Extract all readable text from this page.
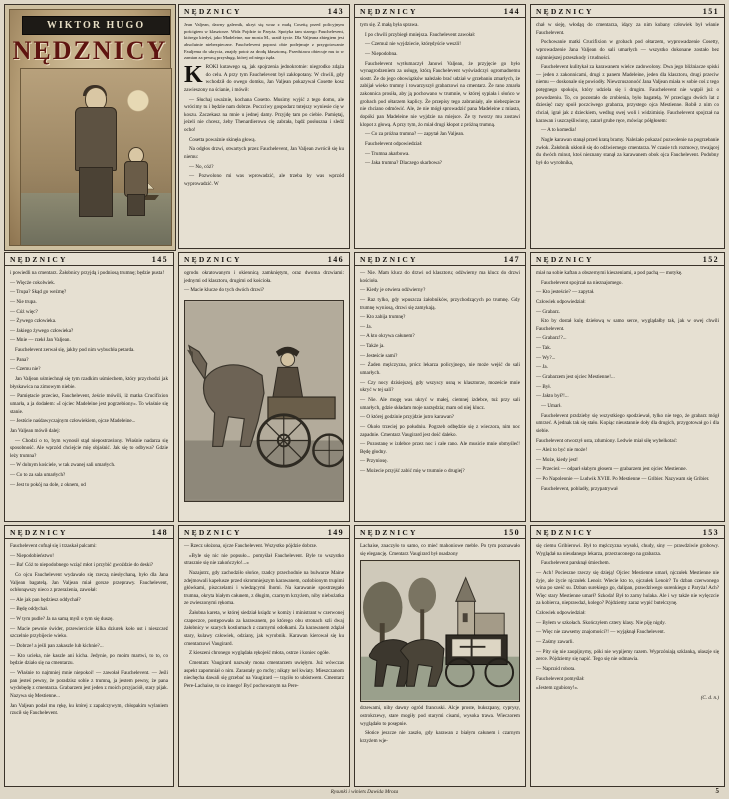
WIKTOR HUGO
NĘDZNICY
NĘDZNICY	143

Jean Valjean, dawny galernik, ukryt się wraz z małą Cosettą przed policyjnym pościgiem w klasztorze. Widz Pojdzie to Paryża. Spotyka tam starego Fauchelevent, którego kiedyś, jako Madeleine, nar mosta M., uratił życie. Dla Valjeana zbiegiem jest absolutnie niebezpieczne. Fauchelevent poprost obie podejmuje z przygotowanie Fauljema do ukrycia, znajdy potoż za drodę kłasztorną. Przedstawa obiecuje mu to w zamian za pewną przysługę, której od niego żąda.

K ROKI kutawego są, jak spojrzenia jednokrotnie: niegrodko zdąża do celu. A przy tym Fauchelevent był zakłopotany. W chwili, gdy wchodził do owego domku, Jan Valjean pokazywał Cosette kosz zawieszony na ścianie, i mówił:

— Słuchaj uważnie, kochana Cosetto. Musimy wyjść z tego domu, ale wrócimy tu i będzie nam dobrze. Poczciwy gospodarz tutejszy wyniesie cię w koszu. Zaczekasz na mnie u jednej damy. Przyjdę tam po ciebie. Pamiętaj, jeżeli nie chcesz, żeby Thenardierowa cię zabrała, bądź posłuszna i sledź ocho!

Cosetta poważnie skinęła głową.

Na odgłos drzwi, otwartych przez Fauchelevent, Jan Valjean zwrócił się ku niemu:

— No, cóż?

— Pozwolono mi was wprowadzić, ale trzeba by was wprzód wyprowadzić. W

NĘDZNICY	144

tym się. Z małą była sprawa.

I po chwili przybiegł mniejsza. Fauchelevent zawołał:

— Czemuż nie wyjdziecie, którędyście weszli!

— Niepodobna.

Fauchelevent wytłumaczył Janowi Valjean, że przyjęcie go było wynagrodzeniem za usługę, którą Fauchelevent wyświadczyi ogromadnemu siostr. Że do jego obowiązków należało brać udział w grzebaniu zmarłych, że zabijał wieko trumny i towarzyszył grabarzowi na cmentarz. Że rano zmarła zakonnica prosiła, aby ją pochowano w trumnie, w której sypiała i słońco w grobach pod ołtarzem kaplicy. Że przepisy tego zabraniały, ale niebezpiecze nie chciano odmówić. Ale, że nie mógł sprowadzić pana Madeleine z miasta, dopóki pan Madeleine nie wyjdzie na miejsce. Że ty tworzy mu zostawi klopot z głową. A przy tym, żo miał drugi kłopot z próżną trumną.

— Co za próżna trumna? — zapytał Jan Valjean.

Fauchelevent odpowiedział:

— Trumna akarbowa.

— Jaka trumna? Dlaczego skarbowa?

NĘDZNICY	151

chał w sieję, włodąq do cmentarza, idący za nim kubany człowiek był włanie Fauchelevent.

Pochowanie matki Crucifixion w grobach pod ołtarzem, wyprowadzenie Cosetty, wprowadzenie Jana Valjean do sali umarłych — wszystko dokonane zostało bez najmniejszej przeszkody i trudności.

Fauchelevent kulitykał za karawanem wielce zadowolony. Dwa jego bliźniacze spiski — jeden z zakonnicami, drugi z panem Madeleine, jeden dla klasztoru, drugi przeciw niemu — doskonale się powiodły. Niewzruszonoóć Jana Valjean miała w sobie coś z tego potęgnego spokoju, który udziela się i drugim. Fauchelevent nie wątpił już o powodzeniu. To, co pozostało do zrobienia, było bagatelą. W przeciągu dwóch lat z dziesięć razy spoił poczciwego grabarza, przystego ojca Mestienne. Robił z nim co chciał, igrał jak z dzieckiem, wedlug swej woli i widzimisię. Fauchelevent spojrzał na karawan i uszczęśliwiony, zatarł grube ręce, mówiąc półgłosem:

— A to komedia!

Nagle karawan stanął przed kratą bramy. Należało pokazać pozwolenie na pogrzebanie zwłok. Żałobnik ukłonił się do odźwiernego cmentarza. W czasie tch rozmowy, trwającej du dwóch minut, ktoś nieznany stanął za karawanem obok ojca Fauchelevent. Podobny był do wyrobnika,

NĘDZNICY	145

i powiedli na cmentarz. Żałobnicy przyjdą i podniosą trumnę; będzie pusta!

— Więcże cokolwiek.

— Trupa? Skąd go weźmę?

— Nie trupa.

— Cóż więc?

— Żywego człowieka.

— Jakiego żywego człowieka?

— Mnie — rzekł Jan Valjean.

Fauchelevent zerwał się, jakby pod nim wybuchła petarda.

— Pana?

— Czemu nie?

Jan Valjean uśmiechnął się tym rzadkim uśmiechem, który przychodzi jak błyskawica na zimowym niebie.

— Pamiętacie przeciez, Fauchelevent, żeście mówili, iż matka Crucifixion umarła, a ja dodałem: »I ojciec Madeleine jest pogrzebiony«. To właśnie się stanie.

— Jestście naśdawyczajnym człowiekiem, ojcze Madeleine...

Jan Valjean mówił dalej:

— Chodzi o to, bym wynosił stąd niepostrzeżony. Właśnie nadarza się sposobność. Ale wprzód chciejcie mię objaśnić. Jak się to odbywa? Gdzie leży trumna?

— W dolnym kościele, w tak zwanej sali umarłych.

— Co to za sala umarłych?

— Jest to pokój na dole, z oknem, od

NĘDZNICY	146

ogrodu okratowanym i okiennicą zamkniętym, oraz dwoma drzwiami: jednymi od klasztoru, drugimi od kościoła.

— Macie klucze do tych dwóch drzwi?

NĘDZNICY	147

— Nie. Mam klucz do drzwi od klasztoru; odźwierny ma klucz do drzwi kościoła.

— Kiedy je otwiera odźwierny?

— Raz tylko, gdy wpuszcza żałobników, przychodzących po trumnę. Gdy trumnę wyniosą, drzwi się zamykają.

— Kto zabija trumnę?

— Ja.

— A kto okrywa całunem?

— Także ja.

— Jesteście sami?

— Żaden mężczyzna, prócz lekarza policyjnego, nie może wejść do sali umarłych.

— Czy nocy dzisiejszej, gdy wszyscy usną w klasztorze, mozeście mnie ukryć w tej sali?

— Nie. Ale mogę was ukryć w małej, ciemnej izdebce, tuż przy sali umarłych, gdzie składam moje narzędzia; mam od niej klucz.

— O której godzinie przyjdzie jutro karawan?

— Około trzeciej po południu. Pogrzeb odbędzie się z wieczora, nim noc zapadnie. Cmentarz Vaugirard jest dość daleko.

— Pozostanę w izdebce przez noc i całe rano. Ale musicie mnie obmyśleć! Będę głodny.

— Przyniosę.

— Możecie przyjść zabić mię w trumnie o drugiej?

NĘDZNICY	152

miał na sobie kaftan a obszernymi kieszeniami, a pod pachą — motykę.

Fauchelevent spojrzał na nieznajomego.

— Kto jesteście? — zapytał.

Człowiek odpowiedział:

— Grabarz.

Kto by dostał kulę dziełową w samo serce, wyglądałby tak, jak w owej chwili Fauchelevent.

— Grabarz!?...

— Tak.

— Wy?...

— Ja.

— Grabarzem jest ojciec Mestienne!...

— Był.

— Jakto był?!...

— Umarł.

Fauchelevent przdzieby się wszystkiego spodziewał, tylko nie tego, że grabarz mógł umrzeć. A jednak tak się stało. Kopiąc nieustannie doły dla drugich, przygotował go i dla siebie.

Fauchelevent otworzył usta, zdumiony. Ledwie miał siłę wybelkotać:

— Ależ to być nie może!

— Może, kiedy jest!

— Przecież — odparł słabym głosem — grabarzem jest ojciec Mestienne.

— Po Napoleonie — Ludwik XVIII. Po Mestienne — Gribier. Nazywam się Gribier.

Fauchelevent, pobladły, przypatrywał

NĘDZNICY	148

Fauchelevent cofnął się i trzaskał palcami:

— Niepodobieństwo!

— Ba! Cóż to niepodobnego wziąć młot i przybić gwoździe do deski?

Co ojcu Fauchelevent wydawało się rzeczą niesłychaną, było dla Jana Valjean bagatelą. Jan Valjean miał gorsze przeprawy. Fauchelevent, ochłonąwszy nieco z przerażenia, zawołał:

— Ale jak pan będziesz oddychał?

— Będę oddychał.

— W tym pudle? Ja na samą myśl o tym się duszę.

— Macie pewnie świder, przewiercicie kilka dziurek koło ust i nieszczeź szczelnie przybijecie wieko.

— Dobrze! a jeśli pan zakaszle lub kichnie?...

— Kto ucieka, nie kaszle ani kicha. Jedynie, po moim martwi, to to, co będzie działo się na cmentarzu.

— Właśnie to najmniej mnie niepokoi! — zawołał Fauchelevent. — Jeśli pan jesteś pewny, że poradzisz sobie z trumną, ja jestem pewny, że pana wydobędę z cmentarza. Grabarzem jest jeden z moich przyjaciół, stary pijak. Nazywa się Mestienne...

Jan Valjean podał mu rękę, ku której z zapalczywym, chłopakim wylaniem rzucił się Fauchelevent.

NĘDZNICY	149

— Rzecz ułożona, ojcze Fauchelevent. Wszystko pójdzie dobrze.

»Byle się nic nie popsuło... pomyślał Fauchelevent. Byle to wszystko strasznie się nie zakończyło!...«

Nazajutrz, gdy zachodziło słońce, rzadcy przechodnie na bulwarze Maine zdejmowali kapelusze przed skromniejszym karawanem, ozdobionym trupimi główkami, piszczelami i wiedzącymi lhomi. Na karawanie spostrzegało trumna, okryta białym całunem, z długim, czarnym krzyżem, niby niebożatka ze zwieszonymi rękoma.

Żałobna kareta, w której siedział ksiądz w komży i ministrant w czerwonej czapeczce, postępowała za karawanem, po którego obu stronach szli dwaj żałobnicy w szarych kostiumach z czarnymi odołkami. Za karawanem zdążał stary, kulawy człowiek, odziany, jak wyrobnik. Karawan kierował się ku cmentarzowi Vaugirard.

Z kieszeni chronego wyglądała rękojeść młota, ostrze i koniec ogółe.

Cmentarz Vaugirard nazwały mona cmentarzem uwięłym. Już wówczas aspekt zapomniał o nim. Zarastały go mchy; nikąty nel kwiaty. Mieszczanom niechęcha dawali się grzebać na Vaugirard — trąciło to ubóstwem. Cmentarz Pere-Lachaise, to co innego! Być pochowanym na Pere-

NĘDZNICY	150

Lachaise, znaczyło to samo, co mieć mahoniowe meble. Po tym poznawało się elegancję. Cmentarz Vaugirard był nsadzony

drzewami, niby dawny ogród francuski. Alcje proste, bukszpany, cyprysy, ostrokrzewy, stare mogiły pod starymi cisami, wysoka trawa. Wieczorem wyglądało to posępnie.

Słońce jeszcze nie zaszło, gdy karawan z białym całunem i czarnym krzyżem wje-

NĘDZNICY	153

się ciemu Gribierowi. Był to mężczyzna wysoki, chudy, siny — prawdziwie grobowy. Wyglądał na nieudanego lekarza, przerzuconego na grabarza.

Fauchelevent parsknął śmiechem.

— Ach! Pocieszne rzeczy się dzieją! Ojciec Mestienne umarł, njczułek Mestienne nie żyje, ale życie njczułek Lenoir. Wiecie kto to, ojczułek Lenoir? To dzban czerwonego wina po sześć su. Dzban surekiego go, dalipan, prawdziwego surenkiego z Paryża! Ach? Więc stary Mestienne umarł? Szkoda! Był to zarny hulaka. Ale i wy także nie wylęczcie za kobierca, nieprawdaż, kolego? Pójdziemy zaraz wypić butelczynę.

Człowiek odpowiedział:

— Byłem w szkołach. Skończyłem cztery klasy. Nie piję nigdy.

— Więc nie zawsemy znajomości?! — wyjąknął Fauchelevent.

— Zaśmy zawarli.

— Pity się nie zaopijnymy, póki nie wypijemy razem. Wyprzóniają szklanką, ułaszje się zerce. Pójdziemy się napić. Tego się nie odmawia.

— Naprzód robota.

Fauchelevent pomyślał:

»Jestem zgubiony!«.

(C. d. n.)

Rysunki i winiets Dawida Mroza	5
